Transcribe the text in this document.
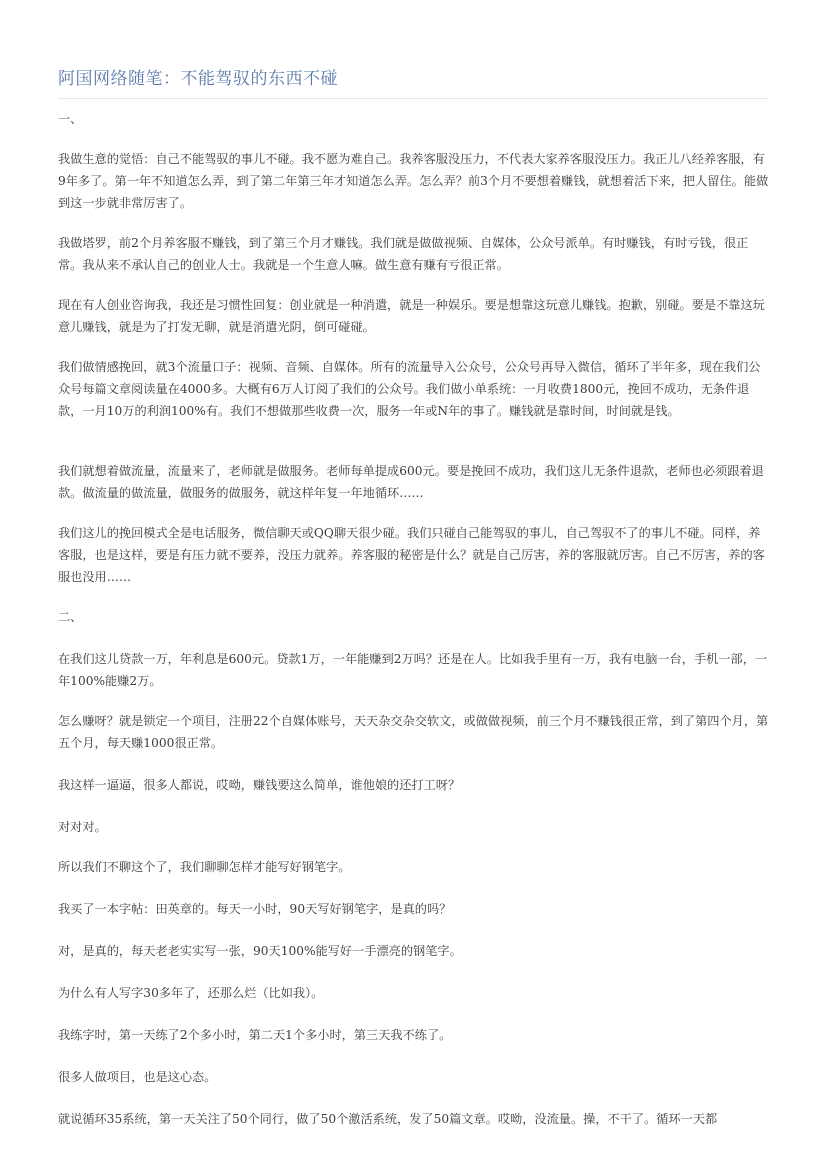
阿国网络随笔：不能驾驭的东西不碰

一、

我做生意的觉悟：自己不能驾驭的事儿不碰。我不愿为难自己。我养客服没压力，不代表大家养客服没压力。我正儿八经养客服，有9年多了。第一年不知道怎么弄，到了第二年第三年才知道怎么弄。怎么弄？前3个月不要想着赚钱，就想着活下来，把人留住。能做到这一步就非常厉害了。

我做塔罗，前2个月养客服不赚钱，到了第三个月才赚钱。我们就是做做视频、自媒体，公众号派单。有时赚钱，有时亏钱，很正常。我从来不承认自己的创业人士。我就是一个生意人嘛。做生意有赚有亏很正常。

现在有人创业咨询我，我还是习惯性回复：创业就是一种消遣，就是一种娱乐。要是想靠这玩意儿赚钱。抱歉，别碰。要是不靠这玩意儿赚钱，就是为了打发无聊，就是消遣光阴，倒可碰碰。

我们做情感挽回，就3个流量口子：视频、音频、自媒体。所有的流量导入公众号，公众号再导入微信，循环了半年多，现在我们公众号每篇文章阅读量在4000多。大概有6万人订阅了我们的公众号。我们做小单系统：一月收费1800元，挽回不成功，无条件退款，一月10万的利润100%有。我们不想做那些收费一次，服务一年或N年的事了。赚钱就是靠时间，时间就是钱。

我们就想着做流量，流量来了，老师就是做服务。老师每单提成600元。要是挽回不成功，我们这儿无条件退款，老师也必须跟着退款。做流量的做流量，做服务的做服务，就这样年复一年地循环……

我们这儿的挽回模式全是电话服务，微信聊天或QQ聊天很少碰。我们只碰自己能驾驭的事儿，自己驾驭不了的事儿不碰。同样，养客服，也是这样，要是有压力就不要养，没压力就养。养客服的秘密是什么？就是自己厉害，养的客服就厉害。自己不厉害，养的客服也没用……

二、

在我们这儿贷款一万，年利息是600元。贷款1万，一年能赚到2万吗？还是在人。比如我手里有一万，我有电脑一台，手机一部，一年100%能赚2万。

怎么赚呀？就是锁定一个项目，注册22个自媒体账号，天天杂交杂交软文，或做做视频，前三个月不赚钱很正常，到了第四个月，第五个月，每天赚1000很正常。

我这样一逼逼，很多人都说，哎呦，赚钱要这么简单，谁他娘的还打工呀？

对对对。

所以我们不聊这个了，我们聊聊怎样才能写好钢笔字。

我买了一本字帖：田英章的。每天一小时，90天写好钢笔字，是真的吗？

对，是真的，每天老老实实写一张，90天100%能写好一手漂亮的钢笔字。

为什么有人写字30多年了，还那么烂（比如我）。

我练字时，第一天练了2个多小时，第二天1个多小时，第三天我不练了。

很多人做项目，也是这心态。

就说循环35系统，第一天关注了50个同行，做了50个激活系统，发了50篇文章。哎呦，没流量。操，不干了。循环一天都
